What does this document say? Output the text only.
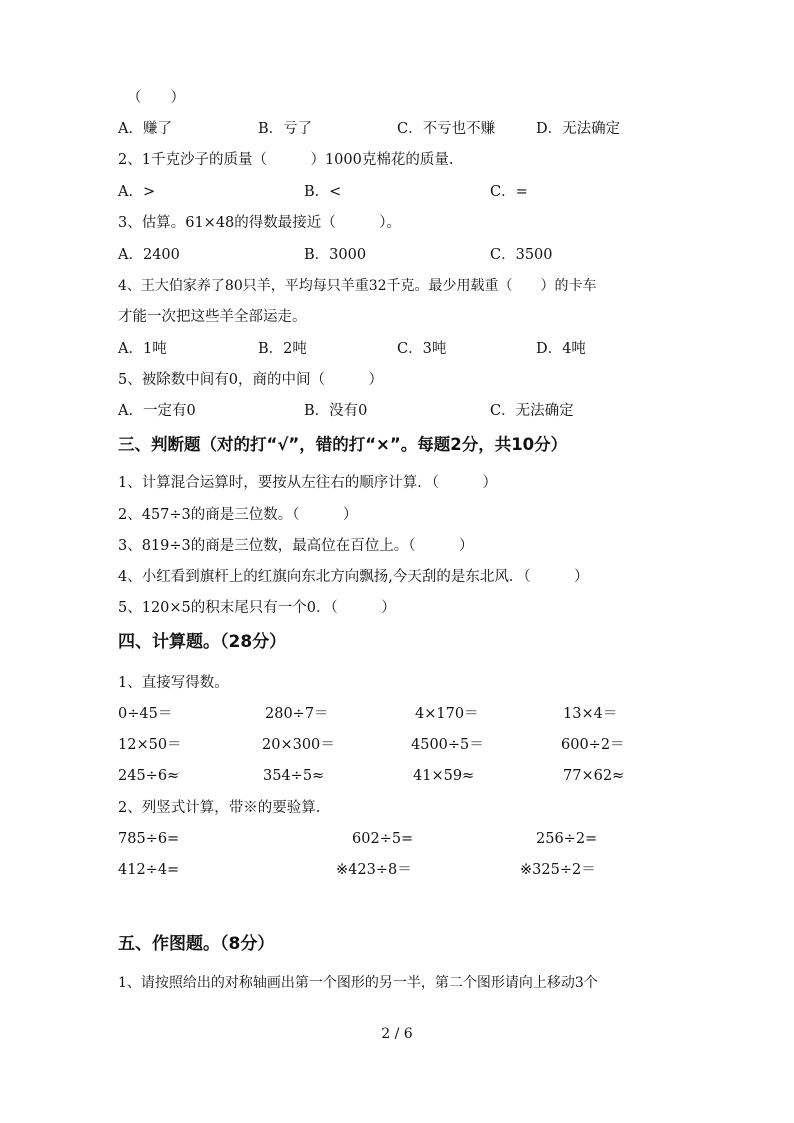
（　　）
A．赚了	B．亏了	C．不亏也不赚	D．无法确定
2、1千克沙子的质量（　　　）1000克棉花的质量.
A．>	B．<	C．=
3、估算。61×48的得数最接近（　　　）。
A．2400	B．3000	C．3500
4、王大伯家养了80只羊，平均每只羊重32千克。最少用载重（　　）的卡车
才能一次把这些羊全部运走。
A．1吨	B．2吨	C．3吨	D．4吨
5、被除数中间有0，商的中间（　　　）
A．一定有0	B．没有0	C．无法确定
三、判断题（对的打“√”，错的打“×”。每题2分，共10分）
1、计算混合运算时，要按从左往右的顺序计算．（　　　）
2、457÷3的商是三位数。（　　　）
3、819÷3的商是三位数，最高位在百位上。（　　　）
4、小红看到旗杆上的红旗向东北方向飘扬,今天刮的是东北风．（　　　）
5、120×5的积末尾只有一个0．（　　　）
四、计算题。（28分）
1、直接写得数。
0÷45＝	280÷7＝	4×170＝	13×4＝
12×50＝	20×300＝	4500÷5＝	600÷2＝
245÷6≈	354÷5≈	41×59≈	77×62≈
2、列竖式计算，带※的要验算.
785÷6=	602÷5=	256÷2=
412÷4=	※423÷8＝	※325÷2＝
五、作图题。（8分）
1、请按照给出的对称轴画出第一个图形的另一半，第二个图形请向上移动3个
2 / 6
